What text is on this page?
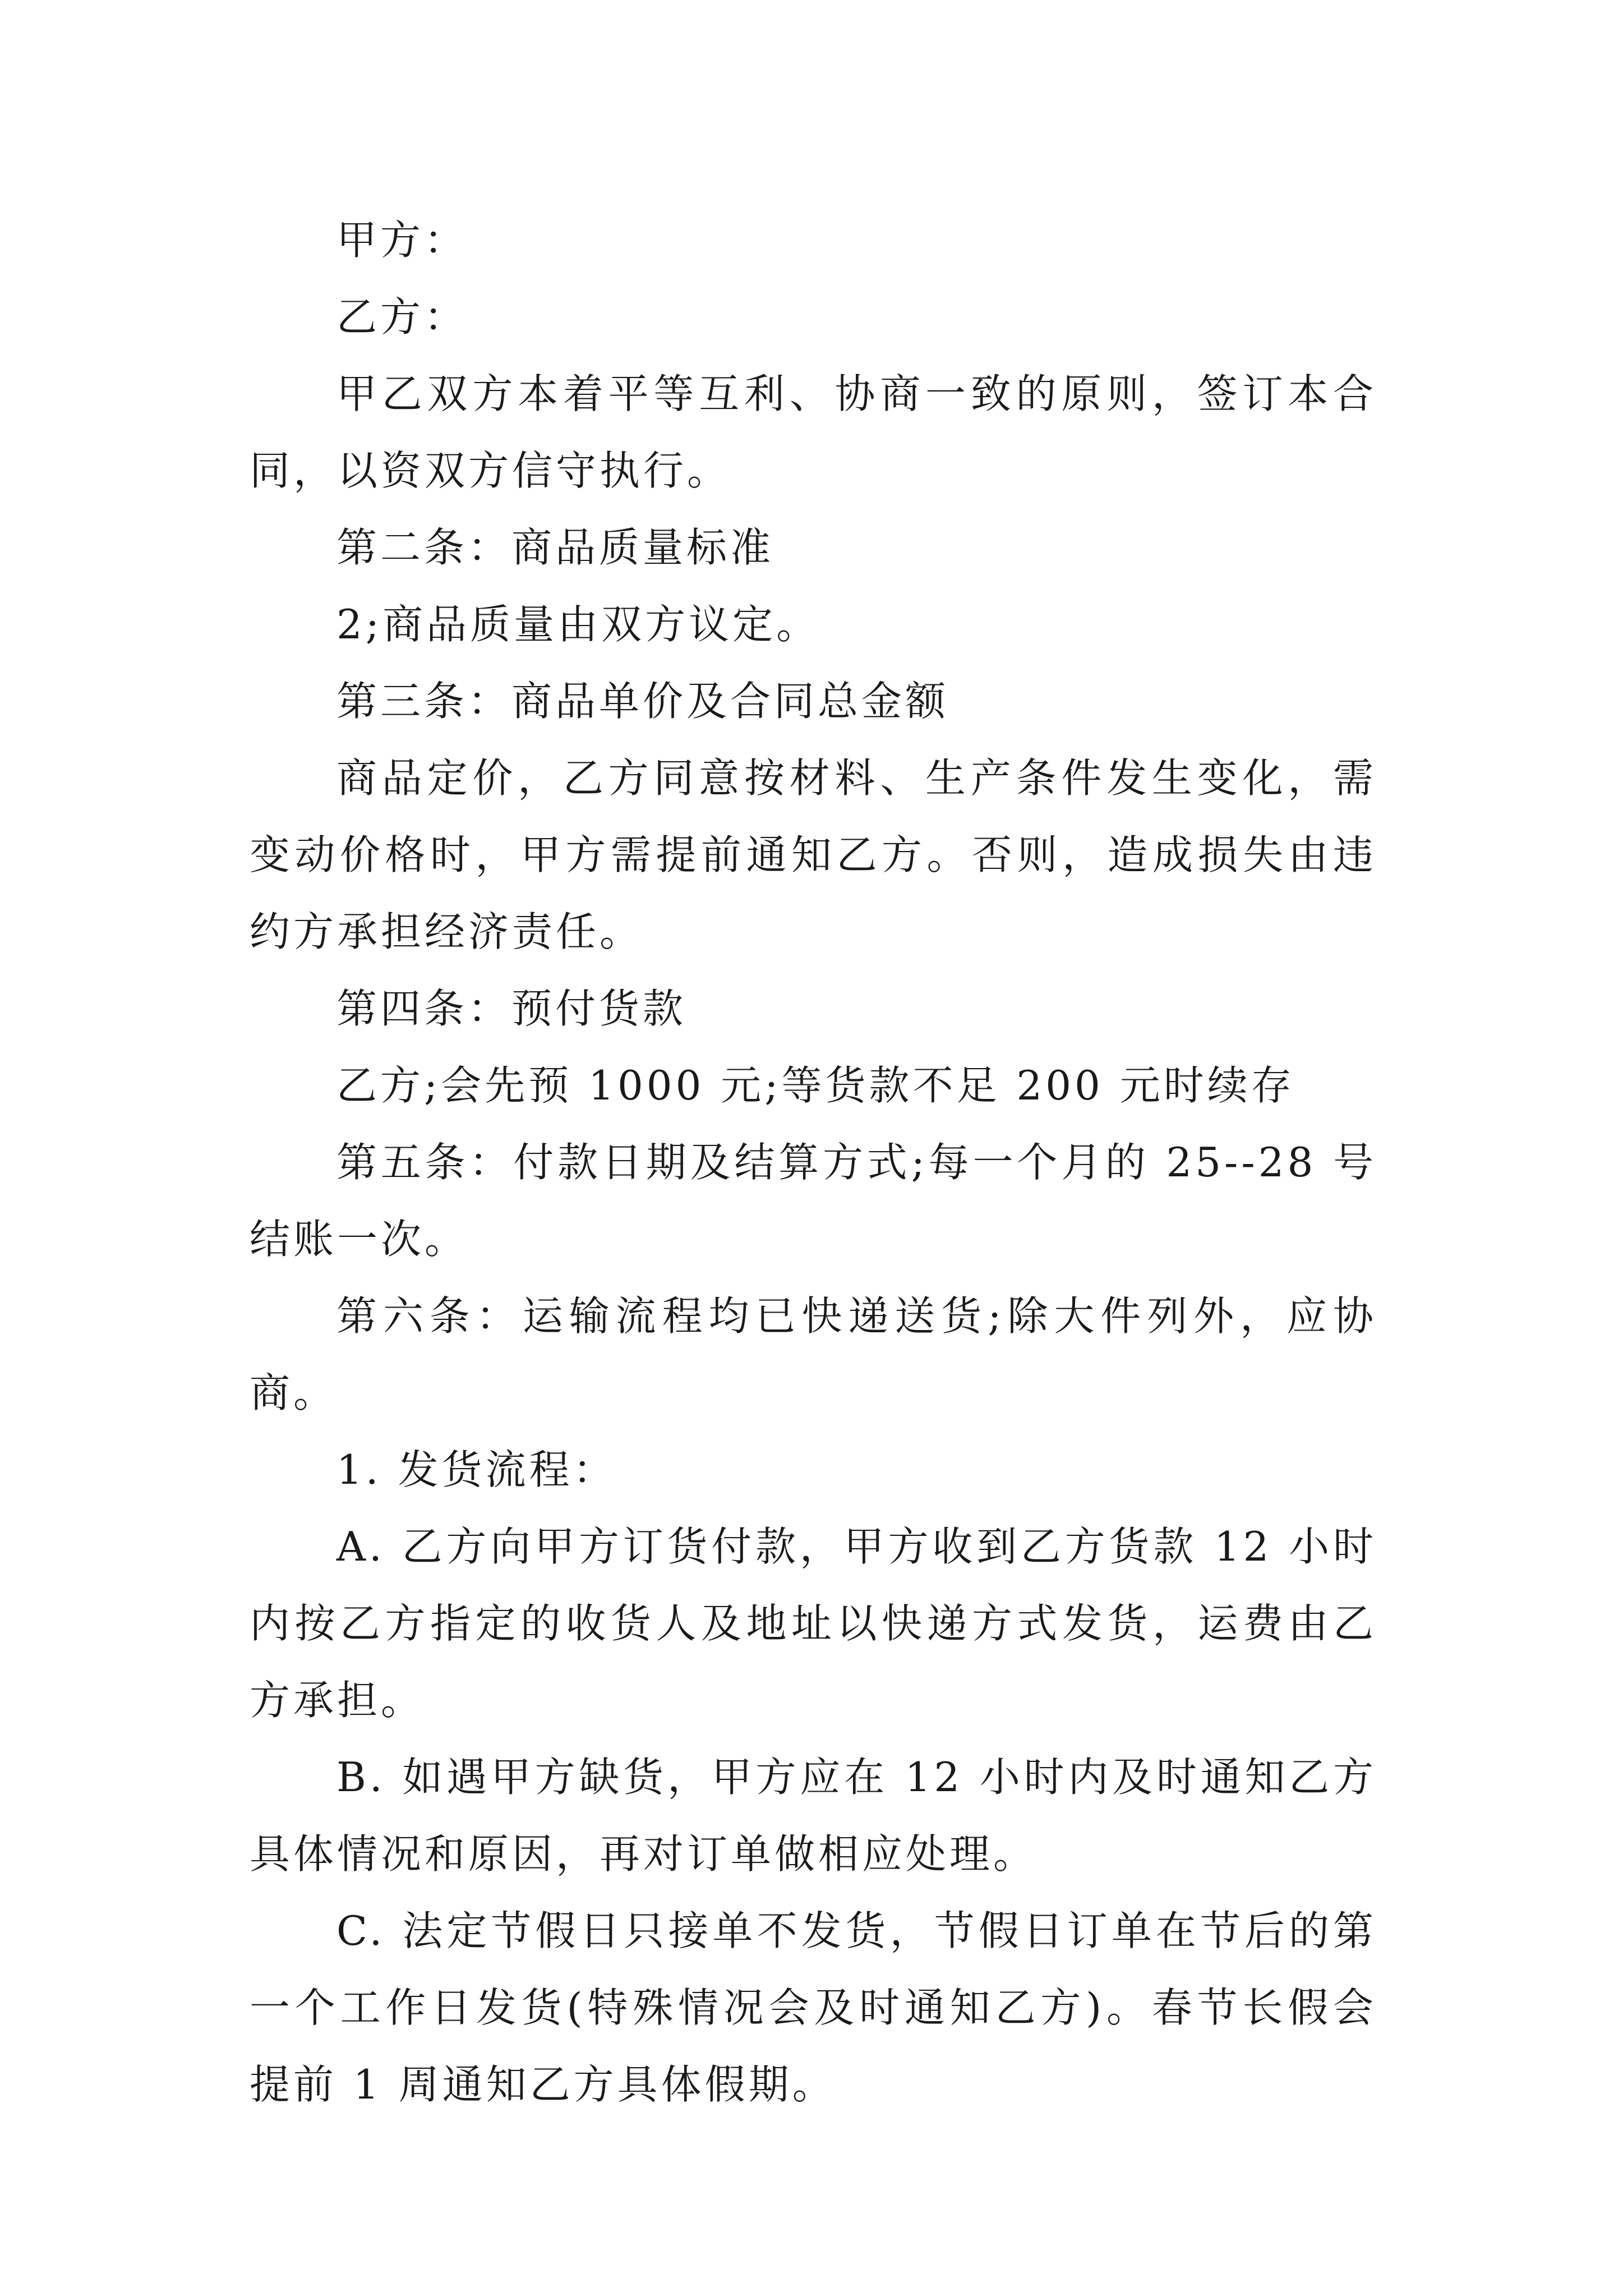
甲方：

乙方：

甲乙双方本着平等互利、协商一致的原则，签订本合同，以资双方信守执行。

第二条：商品质量标准

2;商品质量由双方议定。

第三条：商品单价及合同总金额

商品定价，乙方同意按材料、生产条件发生变化，需变动价格时，甲方需提前通知乙方。否则，造成损失由违约方承担经济责任。

第四条：预付货款

乙方;会先预 1000 元;等货款不足 200 元时续存

第五条：付款日期及结算方式;每一个月的 25--28 号结账一次。

第六条：运输流程均已快递送货;除大件列外，应协商。

1. 发货流程：

A. 乙方向甲方订货付款，甲方收到乙方货款 12 小时内按乙方指定的收货人及地址以快递方式发货，运费由乙方承担。

B. 如遇甲方缺货，甲方应在 12 小时内及时通知乙方具体情况和原因，再对订单做相应处理。

C. 法定节假日只接单不发货，节假日订单在节后的第一个工作日发货(特殊情况会及时通知乙方)。春节长假会提前 1 周通知乙方具体假期。
